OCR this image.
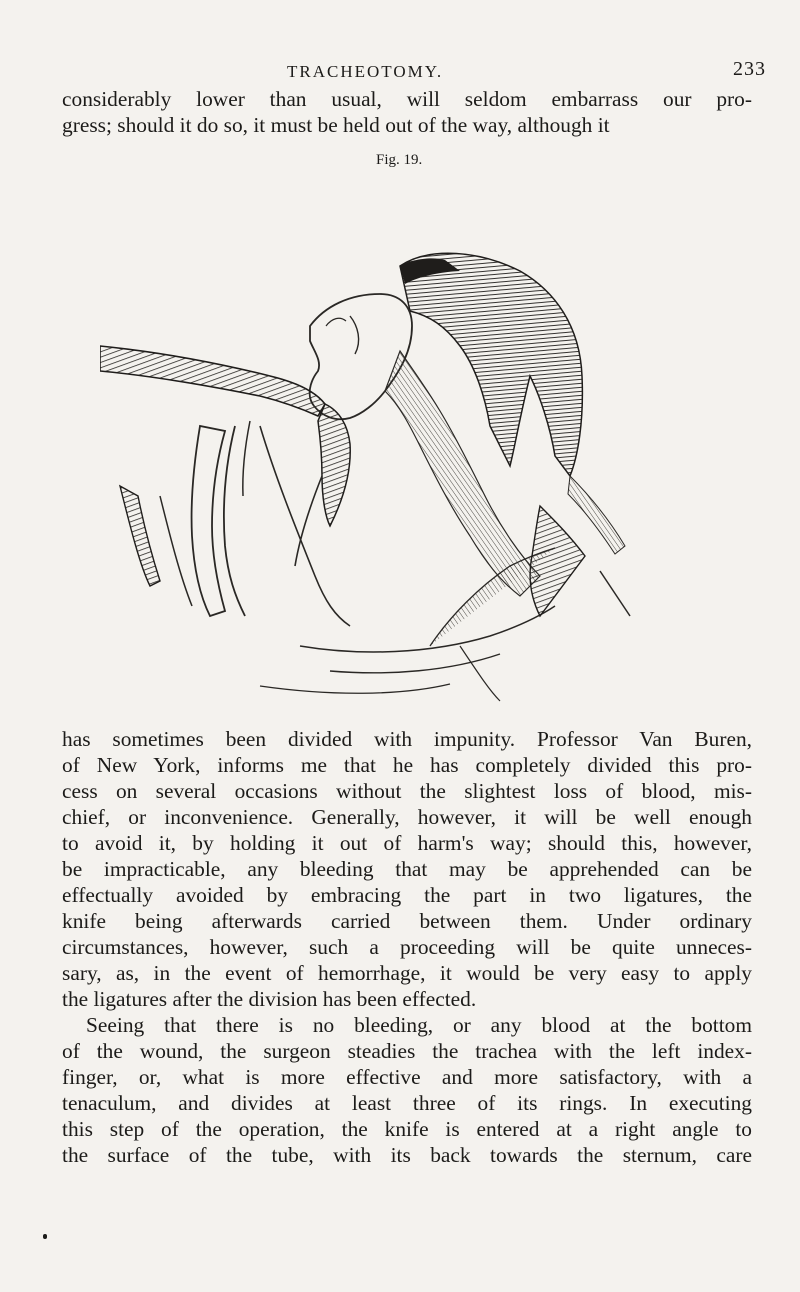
TRACHEOTOMY.	233
considerably lower than usual, will seldom embarrass our pro-
gress; should it do so, it must be held out of the way, although it
Fig. 19.
has sometimes been divided with impunity. Professor Van Buren,
of New York, informs me that he has completely divided this pro-
cess on several occasions without the slightest loss of blood, mis-
chief, or inconvenience. Generally, however, it will be well enough
to avoid it, by holding it out of harm's way; should this, however,
be impracticable, any bleeding that may be apprehended can be
effectually avoided by embracing the part in two ligatures, the
knife being afterwards carried between them. Under ordinary
circumstances, however, such a proceeding will be quite unneces-
sary, as, in the event of hemorrhage, it would be very easy to apply
the ligatures after the division has been effected.
Seeing that there is no bleeding, or any blood at the bottom
of the wound, the surgeon steadies the trachea with the left index-
finger, or, what is more effective and more satisfactory, with a
tenaculum, and divides at least three of its rings. In executing
this step of the operation, the knife is entered at a right angle to
the surface of the tube, with its back towards the sternum, care
